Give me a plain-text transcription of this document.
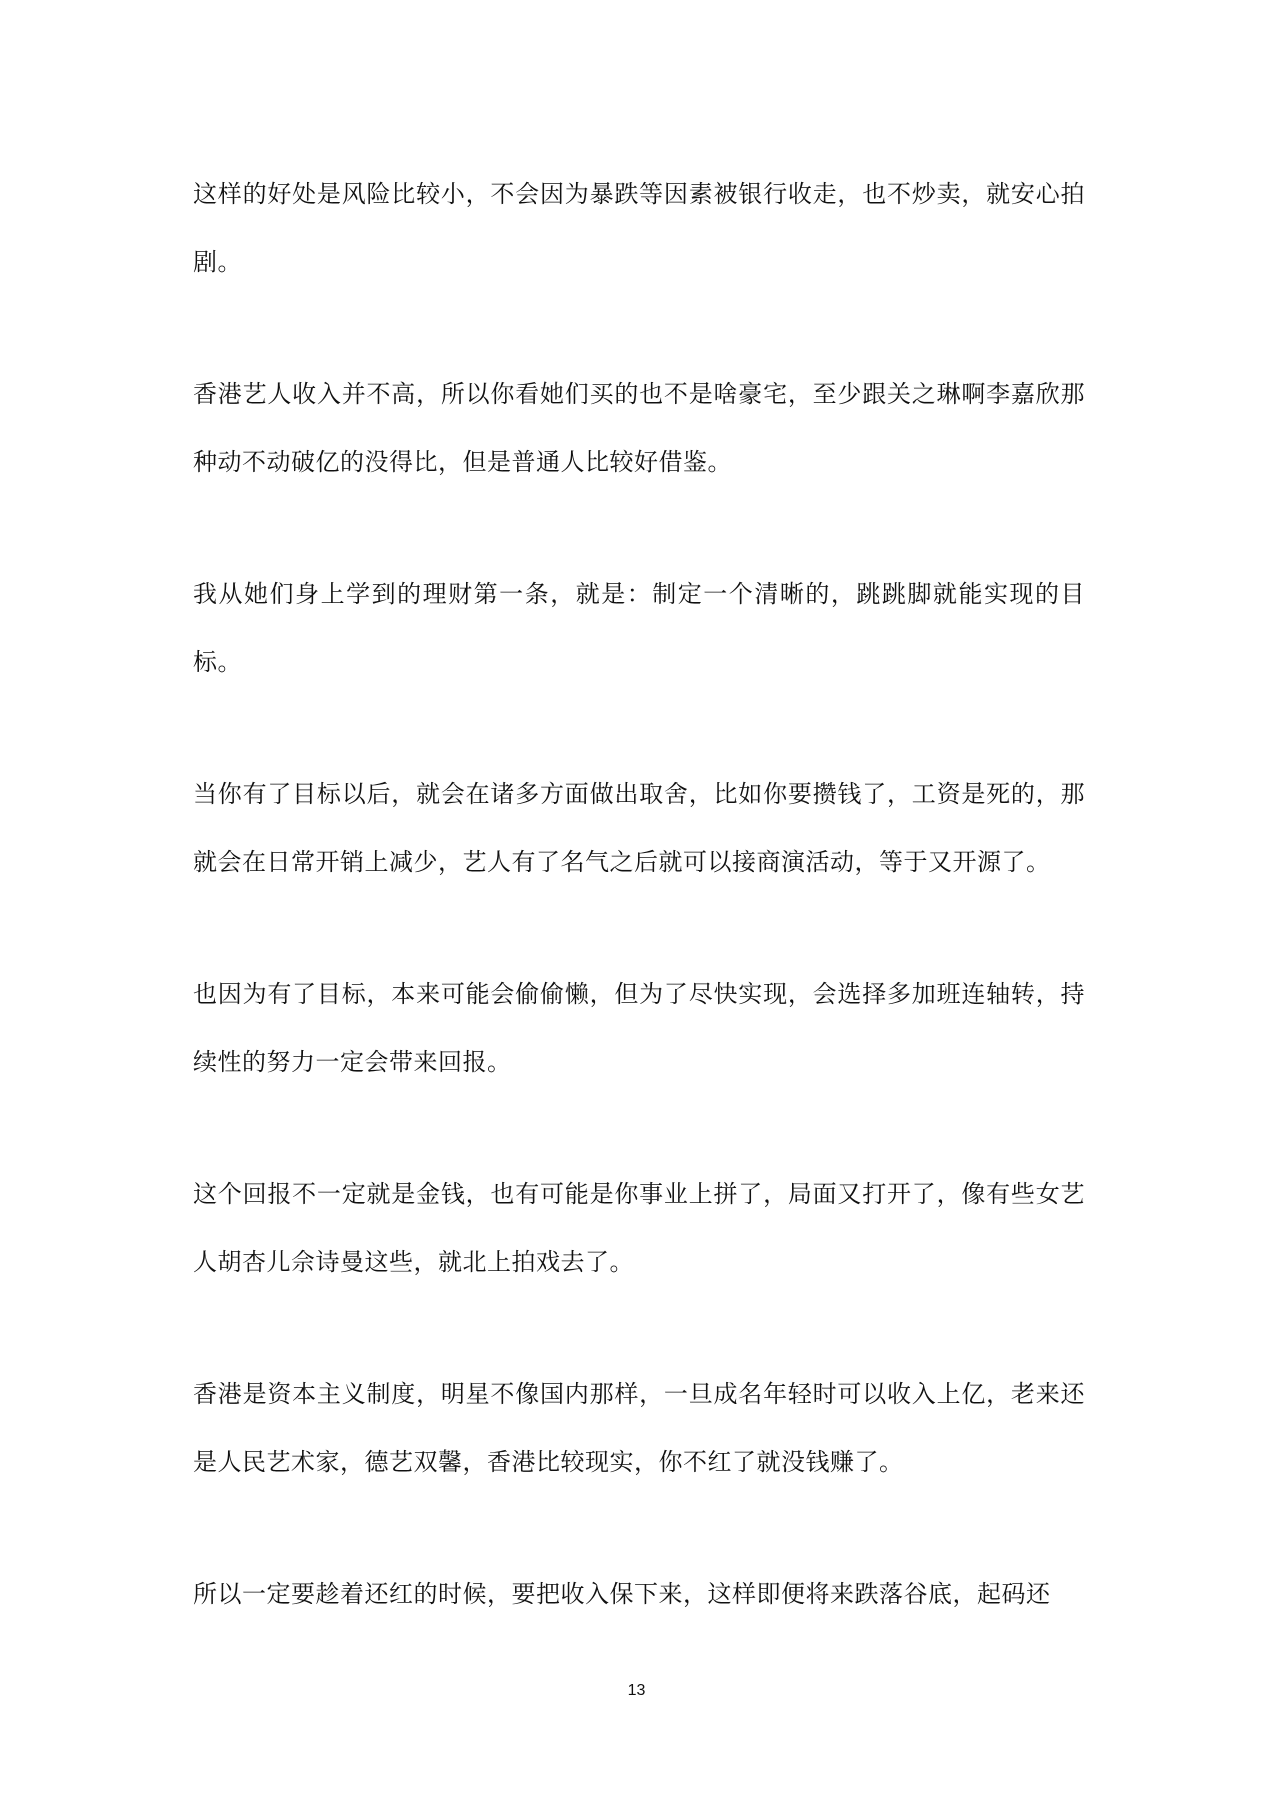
这样的好处是风险比较小，不会因为暴跌等因素被银行收走，也不炒卖，就安心拍剧。

香港艺人收入并不高，所以你看她们买的也不是啥豪宅，至少跟关之琳啊李嘉欣那种动不动破亿的没得比，但是普通人比较好借鉴。

我从她们身上学到的理财第一条，就是：制定一个清晰的，跳跳脚就能实现的目标。

当你有了目标以后，就会在诸多方面做出取舍，比如你要攒钱了，工资是死的，那就会在日常开销上减少，艺人有了名气之后就可以接商演活动，等于又开源了。

也因为有了目标，本来可能会偷偷懒，但为了尽快实现，会选择多加班连轴转，持续性的努力一定会带来回报。

这个回报不一定就是金钱，也有可能是你事业上拼了，局面又打开了，像有些女艺人胡杏儿佘诗曼这些，就北上拍戏去了。

香港是资本主义制度，明星不像国内那样，一旦成名年轻时可以收入上亿，老来还是人民艺术家，德艺双馨，香港比较现实，你不红了就没钱赚了。

所以一定要趁着还红的时候，要把收入保下来，这样即便将来跌落谷底，起码还

13
